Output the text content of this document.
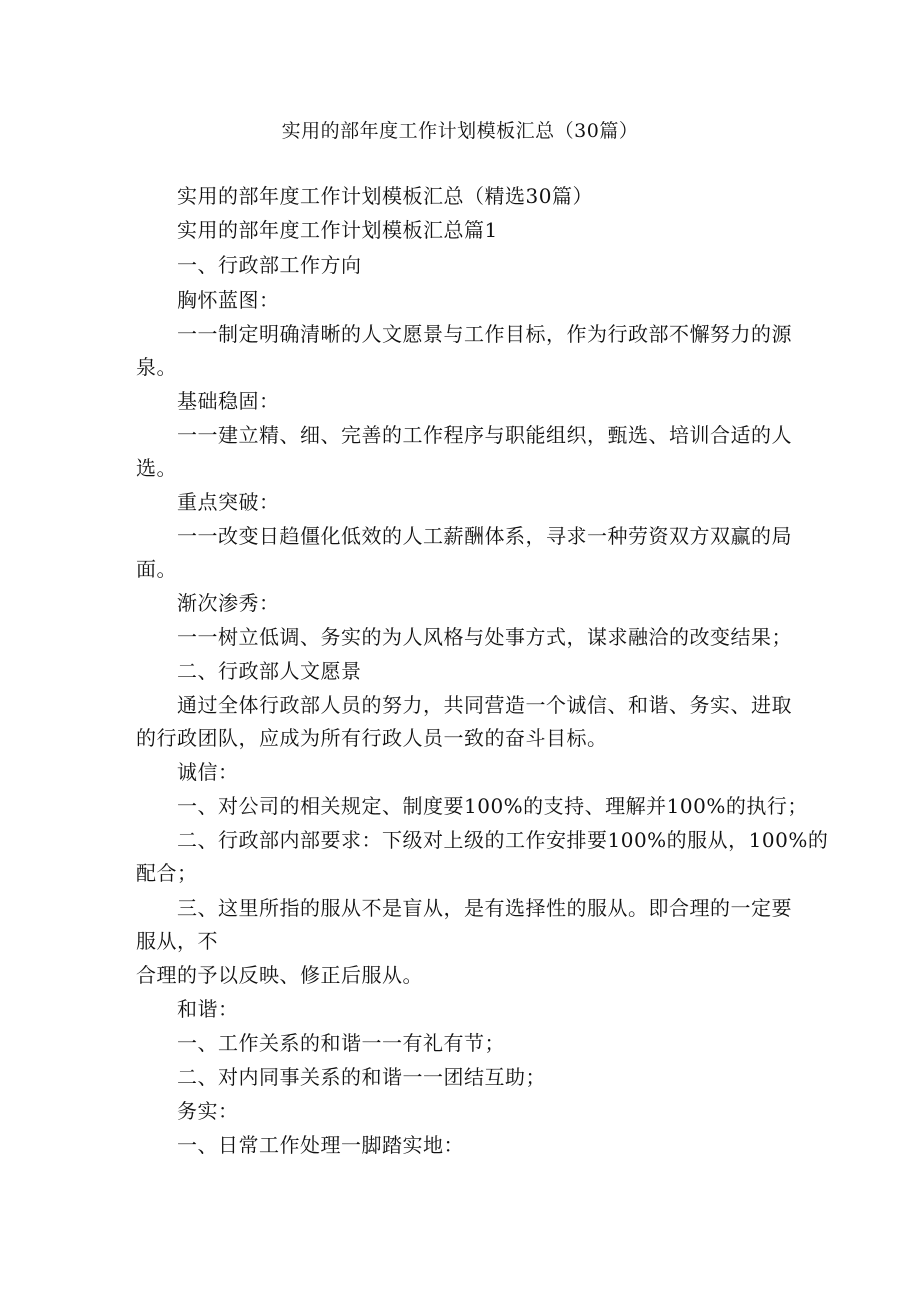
实用的部年度工作计划模板汇总（30篇）
实用的部年度工作计划模板汇总（精选30篇）
实用的部年度工作计划模板汇总篇1
一、行政部工作方向
胸怀蓝图：
一一制定明确清晰的人文愿景与工作目标，作为行政部不懈努力的源
泉。
基础稳固：
一一建立精、细、完善的工作程序与职能组织，甄选、培训合适的人
选。
重点突破：
一一改变日趋僵化低效的人工薪酬体系，寻求一种劳资双方双赢的局
面。
渐次渗秀：
一一树立低调、务实的为人风格与处事方式，谋求融洽的改变结果；
二、行政部人文愿景
通过全体行政部人员的努力，共同营造一个诚信、和谐、务实、进取
的行政团队，应成为所有行政人员一致的奋斗目标。
诚信：
一、对公司的相关规定、制度要100%的支持、理解并100%的执行；
二、行政部内部要求：下级对上级的工作安排要100%的服从，100%的
配合；
三、这里所指的服从不是盲从，是有选择性的服从。即合理的一定要
服从，不
合理的予以反映、修正后服从。
和谐：
一、工作关系的和谐一一有礼有节；
二、对内同事关系的和谐一一团结互助；
务实：
一、日常工作处理一脚踏实地：
